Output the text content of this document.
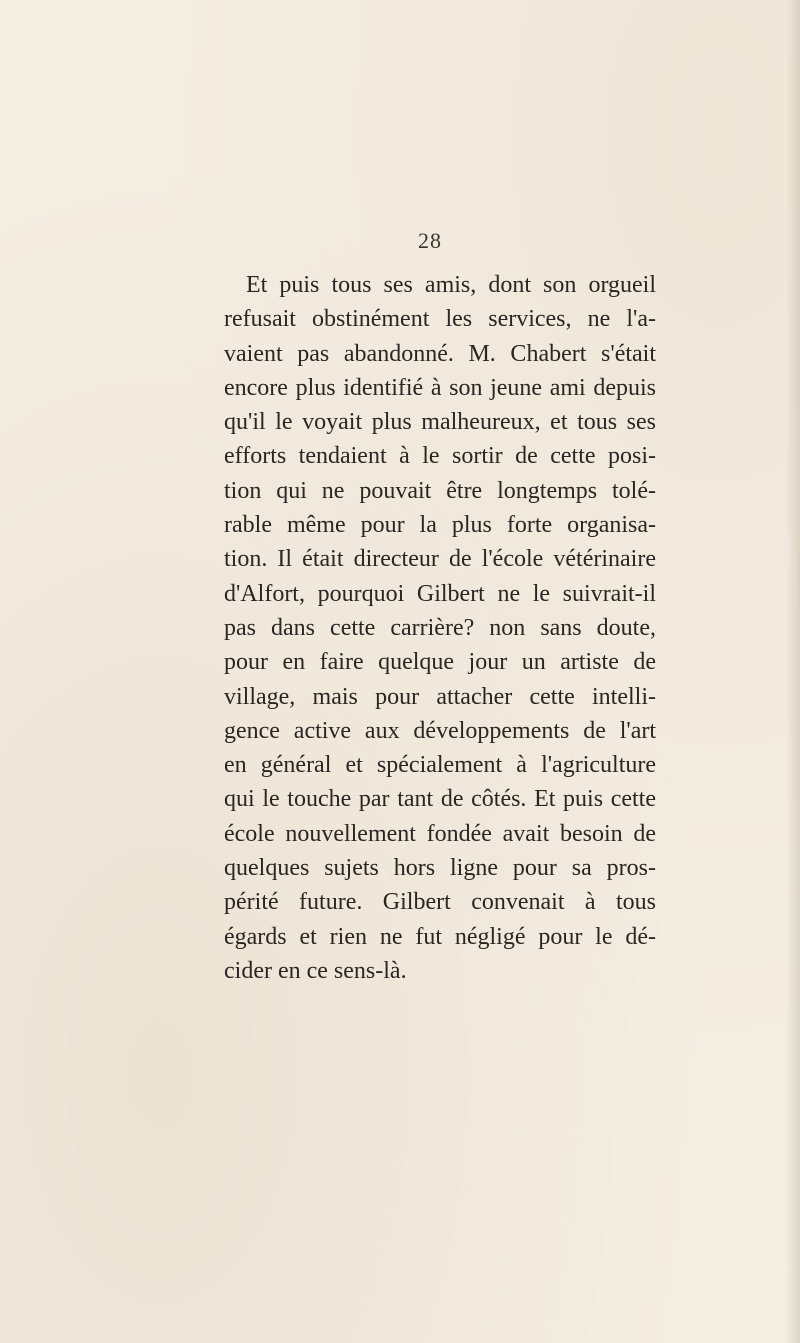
28
Et puis tous ses amis, dont son orgueil
refusait obstinément les services, ne l'a-
vaient pas abandonné. M. Chabert s'était
encore plus identifié à son jeune ami depuis
qu'il le voyait plus malheureux, et tous ses
efforts tendaient à le sortir de cette posi-
tion qui ne pouvait être longtemps tolé-
rable même pour la plus forte organisa-
tion. Il était directeur de l'école vétérinaire
d'Alfort, pourquoi Gilbert ne le suivrait-il
pas dans cette carrière? non sans doute,
pour en faire quelque jour un artiste de
village, mais pour attacher cette intelli-
gence active aux développements de l'art
en général et spécialement à l'agriculture
qui le touche par tant de côtés. Et puis cette
école nouvellement fondée avait besoin de
quelques sujets hors ligne pour sa pros-
périté future. Gilbert convenait à tous
égards et rien ne fut négligé pour le dé-
cider en ce sens-là.
